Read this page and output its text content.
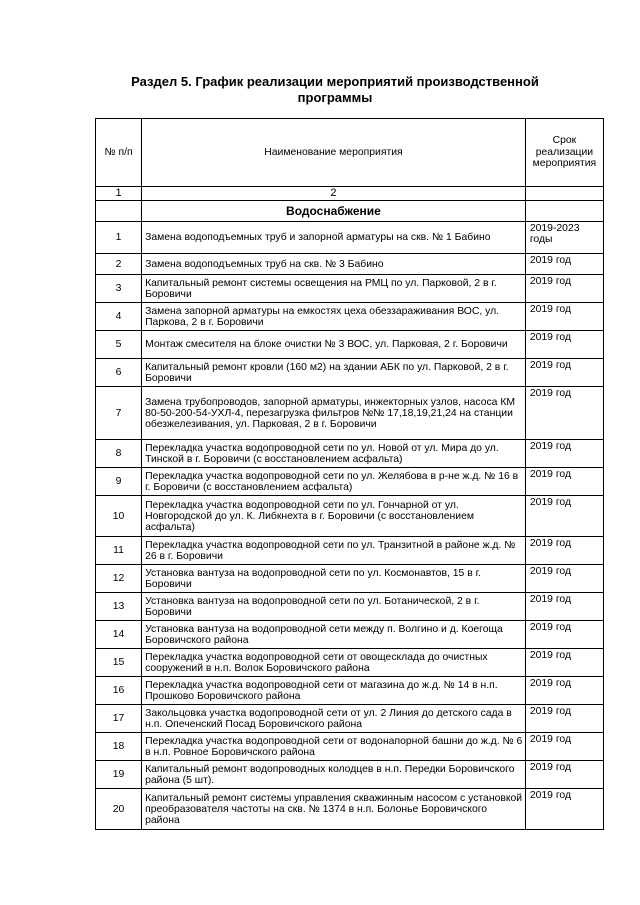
Раздел 5. График реализации мероприятий производственной программы
№ п/п	Наименование мероприятия	Срок реализации мероприятия
1	2	
	Водоснабжение	
1	Замена водоподъемных труб и запорной арматуры на скв. № 1 Бабино	2019-2023 годы
2	Замена водоподъемных труб на скв. № 3 Бабино	2019 год
3	Капитальный ремонт системы освещения на РМЦ по ул. Парковой, 2 в г. Боровичи	2019 год
4	Замена запорной арматуры на емкостях цеха обеззараживания ВОС, ул. Паркова, 2 в г. Боровичи	2019 год
5	Монтаж смесителя на блоке очистки № 3 ВОС, ул. Парковая, 2 г. Боровичи	2019 год
6	Капитальный ремонт кровли (160 м2) на здании АБК по ул. Парковой, 2 в г. Боровичи	2019 год
7	Замена трубопроводов, запорной арматуры, инжекторных узлов, насоса КМ 80-50-200-54-УХЛ-4, перезагрузка фильтров №№ 17,18,19,21,24 на станции обезжелезивания, ул. Парковая, 2 в г. Боровичи	2019 год
8	Перекладка участка водопроводной сети по ул. Новой от ул. Мира до ул. Тинской в г. Боровичи (с восстановлением асфальта)	2019 год
9	Перекладка участка водопроводной сети по ул. Желябова в р-не ж.д. № 16 в г. Боровичи (с восстановлением асфальта)	2019 год
10	Перекладка участка водопроводной сети по ул. Гончарной от ул. Новгородской до ул. К. Либкнехта в г. Боровичи (с восстановлением асфальта)	2019 год
11	Перекладка участка водопроводной сети по ул. Транзитной в районе ж.д. № 26 в г. Боровичи	2019 год
12	Установка вантуза на водопроводной сети по ул. Космонавтов, 15 в г. Боровичи	2019 год
13	Установка вантуза на водопроводной сети по ул. Ботанической, 2 в г. Боровичи	2019 год
14	Установка вантуза на водопроводной сети между п. Волгино и д. Коегоща Боровичского района	2019 год
15	Перекладка участка водопроводной сети от овощесклада до очистных сооружений в н.п. Волок Боровичского района	2019 год
16	Перекладка участка водопроводной сети от магазина до ж.д. № 14 в н.п. Прошково Боровичского района	2019 год
17	Закольцовка участка водопроводной сети от ул. 2 Линия до детского сада в н.п. Опеченский Посад Боровичского района	2019 год
18	Перекладка участка водопроводной сети от водонапорной башни до ж.д. № 6 в н.п. Ровное Боровичского района	2019 год
19	Капитальный ремонт водопроводных колодцев в н.п. Передки Боровичского района (5 шт).	2019 год
20	Капитальный ремонт системы управления скважинным насосом с установкой преобразователя частоты на скв. № 1374 в н.п. Болонье Боровичского района	2019 год
